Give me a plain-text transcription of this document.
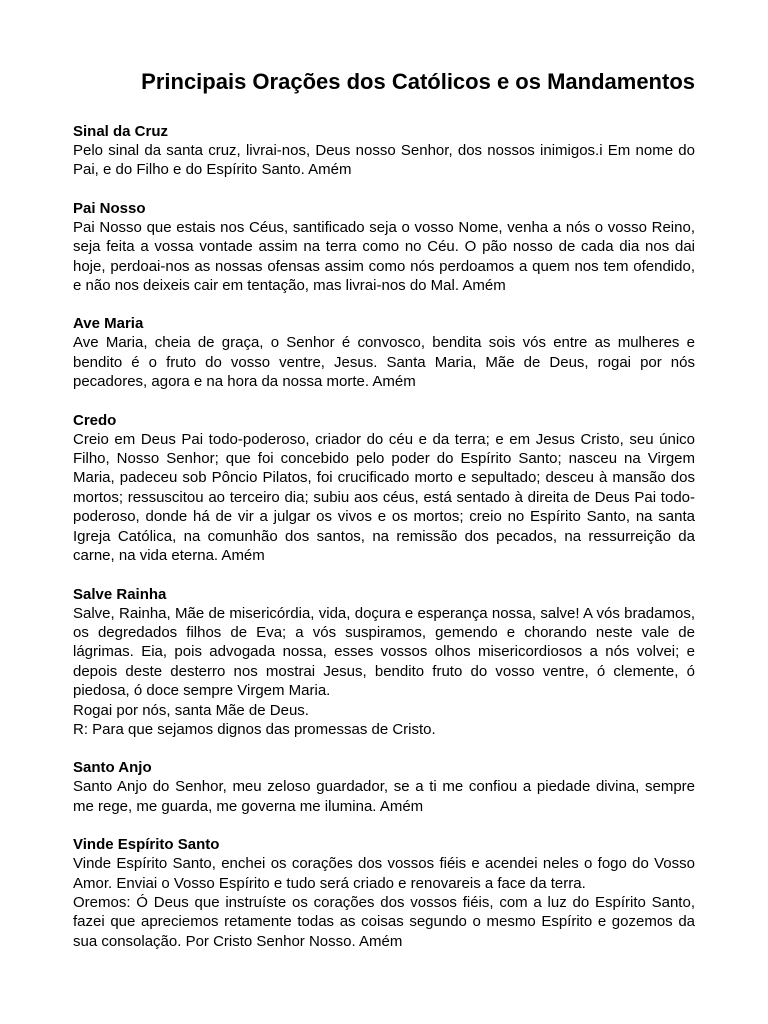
Principais Orações dos Católicos e os Mandamentos
Sinal da Cruz

Pelo sinal da santa cruz, livrai-nos, Deus nosso Senhor, dos nossos inimigos.i Em nome do Pai, e do Filho e do Espírito Santo. Amém

Pai Nosso

Pai Nosso que estais nos Céus, santificado seja o vosso Nome, venha a nós o vosso Reino, seja feita a vossa vontade assim na terra como no Céu. O pão nosso de cada dia nos dai hoje, perdoai-nos as nossas ofensas assim como nós perdoamos a quem nos tem ofendido, e não nos deixeis cair em tentação, mas livrai-nos do Mal. Amém

Ave Maria

Ave Maria, cheia de graça, o Senhor é convosco, bendita sois vós entre as mulheres e bendito é o fruto do vosso ventre, Jesus. Santa Maria, Mãe de Deus, rogai por nós pecadores, agora e na hora da nossa morte. Amém

Credo

Creio em Deus Pai todo-poderoso, criador do céu e da terra; e em Jesus Cristo, seu único Filho, Nosso Senhor; que foi concebido pelo poder do Espírito Santo; nasceu na Virgem Maria, padeceu sob Pôncio Pilatos, foi crucificado morto e sepultado; desceu à mansão dos mortos; ressuscitou ao terceiro dia; subiu aos céus, está sentado à direita de Deus Pai todo-poderoso, donde há de vir a julgar os vivos e os mortos; creio no Espírito Santo, na santa Igreja Católica, na comunhão dos santos, na remissão dos pecados, na ressurreição da carne, na vida eterna. Amém

Salve Rainha

Salve, Rainha, Mãe de misericórdia, vida, doçura e esperança nossa, salve! A vós bradamos, os degredados filhos de Eva; a vós suspiramos, gemendo e chorando neste vale de lágrimas. Eia, pois advogada nossa, esses vossos olhos misericordiosos a nós volvei; e depois deste desterro nos mostrai Jesus, bendito fruto do vosso ventre, ó clemente, ó piedosa, ó doce sempre Virgem Maria.

Rogai por nós, santa Mãe de Deus.

R: Para que sejamos dignos das promessas de Cristo.

Santo Anjo

Santo Anjo do Senhor, meu zeloso guardador, se a ti me confiou a piedade divina, sempre me rege, me guarda, me governa me ilumina. Amém

Vinde Espírito Santo

Vinde Espírito Santo, enchei os corações dos vossos fiéis e acendei neles o fogo do Vosso Amor. Enviai o Vosso Espírito e tudo será criado e renovareis a face da terra.

Oremos: Ó Deus que instruíste os corações dos vossos fiéis, com a luz do Espírito Santo, fazei que apreciemos retamente todas as coisas segundo o mesmo Espírito e gozemos da sua consolação. Por Cristo Senhor Nosso. Amém
